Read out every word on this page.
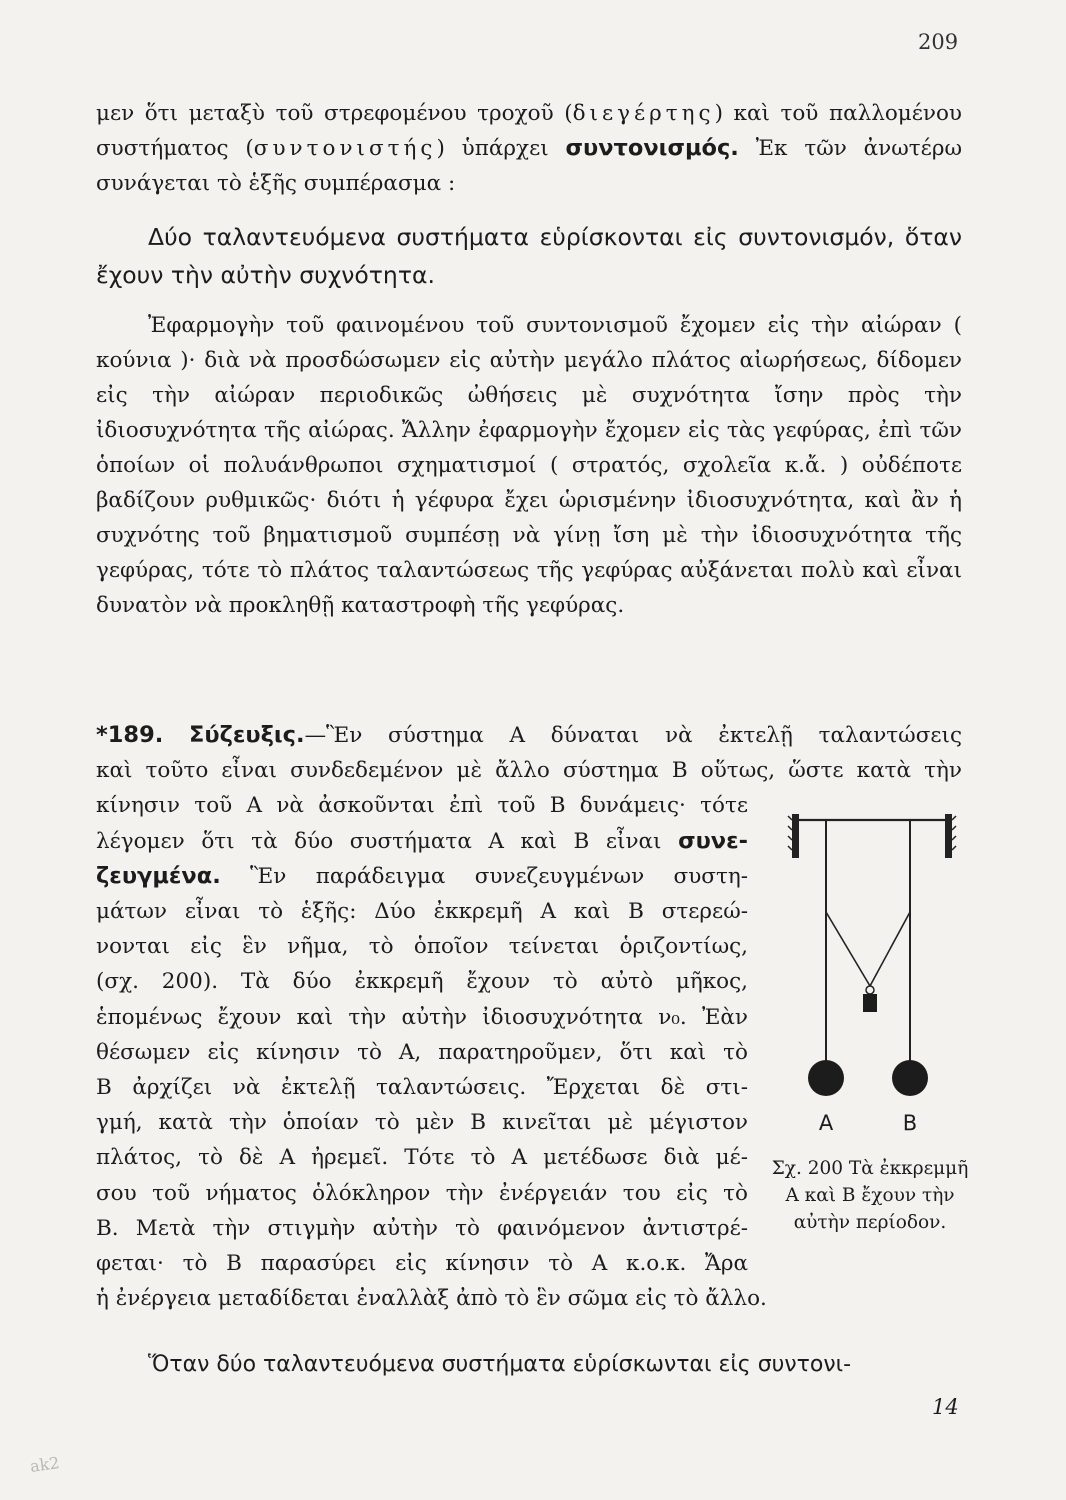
209

μεν ὅτι μεταξὺ τοῦ στρεφομένου τροχοῦ (διεγέρτης) καὶ τοῦ παλλομένου συστήματος (συντονιστής) ὑπάρχει συντονισμός. Ἐκ τῶν ἀνωτέρω συνάγεται τὸ ἑξῆς συμπέρασμα :

Δύο ταλαντευόμενα συστήματα εὑρίσκονται εἰς συντονισμόν, ὅταν ἔχουν τὴν αὐτὴν συχνότητα.

Ἐφαρμογὴν τοῦ φαινομένου τοῦ συντονισμοῦ ἔχομεν εἰς τὴν αἰώραν ( κούνια )· διὰ νὰ προσδώσωμεν εἰς αὐτὴν μεγάλο πλάτος αἰωρήσεως, δίδομεν εἰς τὴν αἰώραν περιοδικῶς ὠθήσεις μὲ συχνότητα ἴσην πρὸς τὴν ἰδιοσυχνότητα τῆς αἰώρας. Ἄλλην ἐφαρμογὴν ἔχομεν εἰς τὰς γεφύρας, ἐπὶ τῶν ὁποίων οἱ πολυάνθρωποι σχηματισμοί ( στρατός, σχολεῖα κ.ἄ. ) οὐδέποτε βαδίζουν ρυθμικῶς· διότι ἡ γέφυρα ἔχει ὡρισμένην ἰδιοσυχνότητα, καὶ ἂν ἡ συχνότης τοῦ βηματισμοῦ συμπέσῃ νὰ γίνῃ ἴση μὲ τὴν ἰδιοσυχνότητα τῆς γεφύρας, τότε τὸ πλάτος ταλαντώσεως τῆς γεφύρας αὐξάνεται πολὺ καὶ εἶναι δυνατὸν νὰ προκληθῇ καταστροφὴ τῆς γεφύρας.

*189. Σύζευξις.—Ἓν σύστημα Α δύναται νὰ ἐκτελῇ ταλαντώσεις

καὶ τοῦτο εἶναι συνδεδεμένον μὲ ἄλλο σύστημα Β οὕτως, ὥστε κατὰ τὴν

κίνησιν τοῦ Α νὰ ἀσκοῦνται ἐπὶ τοῦ Β δυνάμεις· τότε

λέγομεν ὅτι τὰ δύο συστήματα Α καὶ Β εἶναι συνε-

ζευγμένα. Ἓν παράδειγμα συνεζευγμένων συστη-

μάτων εἶναι τὸ ἑξῆς: Δύο ἐκκρεμῆ Α καὶ Β στερεώ-

νονται εἰς ἓν νῆμα, τὸ ὁποῖον τείνεται ὁριζοντίως,

(σχ. 200). Τὰ δύο ἐκκρεμῆ ἔχουν τὸ αὐτὸ μῆκος,

ἑπομένως ἔχουν καὶ τὴν αὐτὴν ἰδιοσυχνότητα ν₀. Ἐὰν

θέσωμεν εἰς κίνησιν τὸ Α, παρατηροῦμεν, ὅτι καὶ τὸ

Β ἀρχίζει νὰ ἐκτελῇ ταλαντώσεις. Ἔρχεται δὲ στι-

γμή, κατὰ τὴν ὁποίαν τὸ μὲν Β κινεῖται μὲ μέγιστον

πλάτος, τὸ δὲ Α ἠρεμεῖ. Τότε τὸ Α μετέδωσε διὰ μέ-

σου τοῦ νήματος ὁλόκληρον τὴν ἐνέργειάν του εἰς τὸ

Β. Μετὰ τὴν στιγμὴν αὐτὴν τὸ φαινόμενον ἀντιστρέ-

φεται· τὸ Β παρασύρει εἰς κίνησιν τὸ Α κ.ο.κ. Ἄρα

ἡ ἐνέργεια μεταδίδεται ἐναλλὰξ ἀπὸ τὸ ἓν σῶμα εἰς τὸ ἄλλο.

Α	Β
Σχ. 200 Τὰ ἐκκρεμμῆ Α καὶ Β ἔχουν τὴν αὐτὴν περίοδον.

Ὅταν δύο ταλαντευόμενα συστήματα εὑρίσκωνται εἰς συντονι-

14
ak2
